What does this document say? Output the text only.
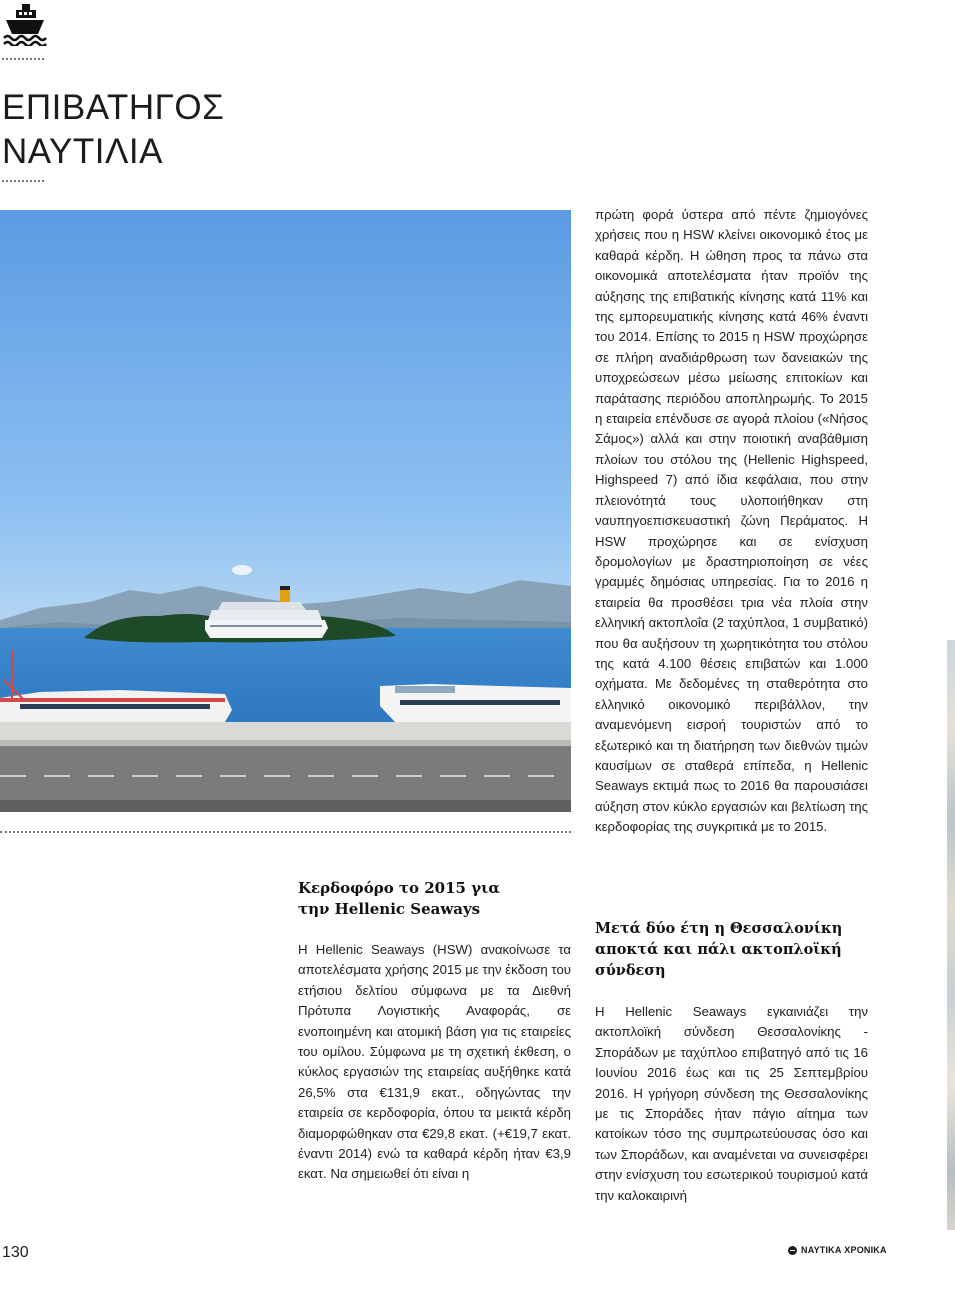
ΕΠΙΒΑΤΗΓΟΣ
ΝΑΥΤΙΛΙΑ
Κερδοφόρο το 2015 για
την Hellenic Seaways

Η Hellenic Seaways (HSW) ανακοίνωσε τα αποτελέσματα χρήσης 2015 με την έκδοση του ετήσιου δελτίου σύμφωνα με τα Διεθνή Πρότυπα Λογιστικής Αναφοράς, σε ενοποιημένη και ατομική βάση για τις εταιρείες του ομίλου. Σύμφωνα με τη σχετική έκθεση, ο κύκλος εργασιών της εταιρείας αυξήθηκε κατά 26,5% στα €131,9 εκατ., οδηγώντας την εταιρεία σε κερδοφορία, όπου τα μεικτά κέρδη διαμορφώθηκαν στα €29,8 εκατ. (+€19,7 εκατ. έναντι 2014) ενώ τα καθαρά κέρδη ήταν €3,9 εκατ. Να σημειωθεί ότι είναι η

πρώτη φορά ύστερα από πέντε ζημιογόνες χρήσεις που η HSW κλείνει οικονομικό έτος με καθαρά κέρδη. Η ώθηση προς τα πάνω στα οικονομικά αποτελέσματα ήταν προϊόν της αύξησης της επιβατικής κίνησης κατά 11% και της εμπορευματικής κίνησης κατά 46% έναντι του 2014. Επίσης το 2015 η HSW προχώρησε σε πλήρη αναδιάρθρωση των δανειακών της υποχρεώσεων μέσω μείωσης επιτοκίων και παράτασης περιόδου αποπληρωμής. Το 2015 η εταιρεία επένδυσε σε αγορά πλοίου («Νήσος Σάμος») αλλά και στην ποιοτική αναβάθμιση πλοίων του στόλου της (Hellenic Highspeed, Highspeed 7) από ίδια κεφάλαια, που στην πλειονότητά τους υλοποιήθηκαν στη ναυπηγοεπισκευαστική ζώνη Περάματος. Η HSW προχώρησε και σε ενίσχυση δρομολογίων με δραστηριοποίηση σε νέες γραμμές δημόσιας υπηρεσίας. Για το 2016 η εταιρεία θα προσθέσει τρια νέα πλοία στην ελληνική ακτοπλοΐα (2 ταχύπλοα, 1 συμβατικό) που θα αυξήσουν τη χωρητικότητα του στόλου της κατά 4.100 θέσεις επιβατών και 1.000 οχήματα. Με δεδομένες τη σταθερότητα στο ελληνικό οικονομικό περιβάλλον, την αναμενόμενη εισροή τουριστών από το εξωτερικό και τη διατήρηση των διεθνών τιμών καυσίμων σε σταθερά επίπεδα, η Hellenic Seaways εκτιμά πως το 2016 θα παρουσιάσει αύξηση στον κύκλο εργασιών και βελτίωση της κερδοφορίας της συγκριτικά με το 2015.

Μετά δύο έτη η Θεσσαλονίκη αποκτά και πάλι ακτοπλοϊκή σύνδεση

Η Hellenic Seaways εγκαινιάζει την ακτοπλοϊκή σύνδεση Θεσσαλονίκης - Σποράδων με ταχύπλοο επιβατηγό από τις 16 Ιουνίου 2016 έως και τις 25 Σεπτεμβρίου 2016. Η γρήγορη σύνδεση της Θεσσαλονίκης με τις Σποράδες ήταν πάγιο αίτημα των κατοίκων τόσο της συμπρωτεύουσας όσο και των Σποράδων, και αναμένεται να συνεισφέρει στην ενίσχυση του εσωτερικού τουρισμού κατά την καλοκαιρινή

130	ΝΑΥΤΙΚΑ ΧΡΟΝΙΚΑ
